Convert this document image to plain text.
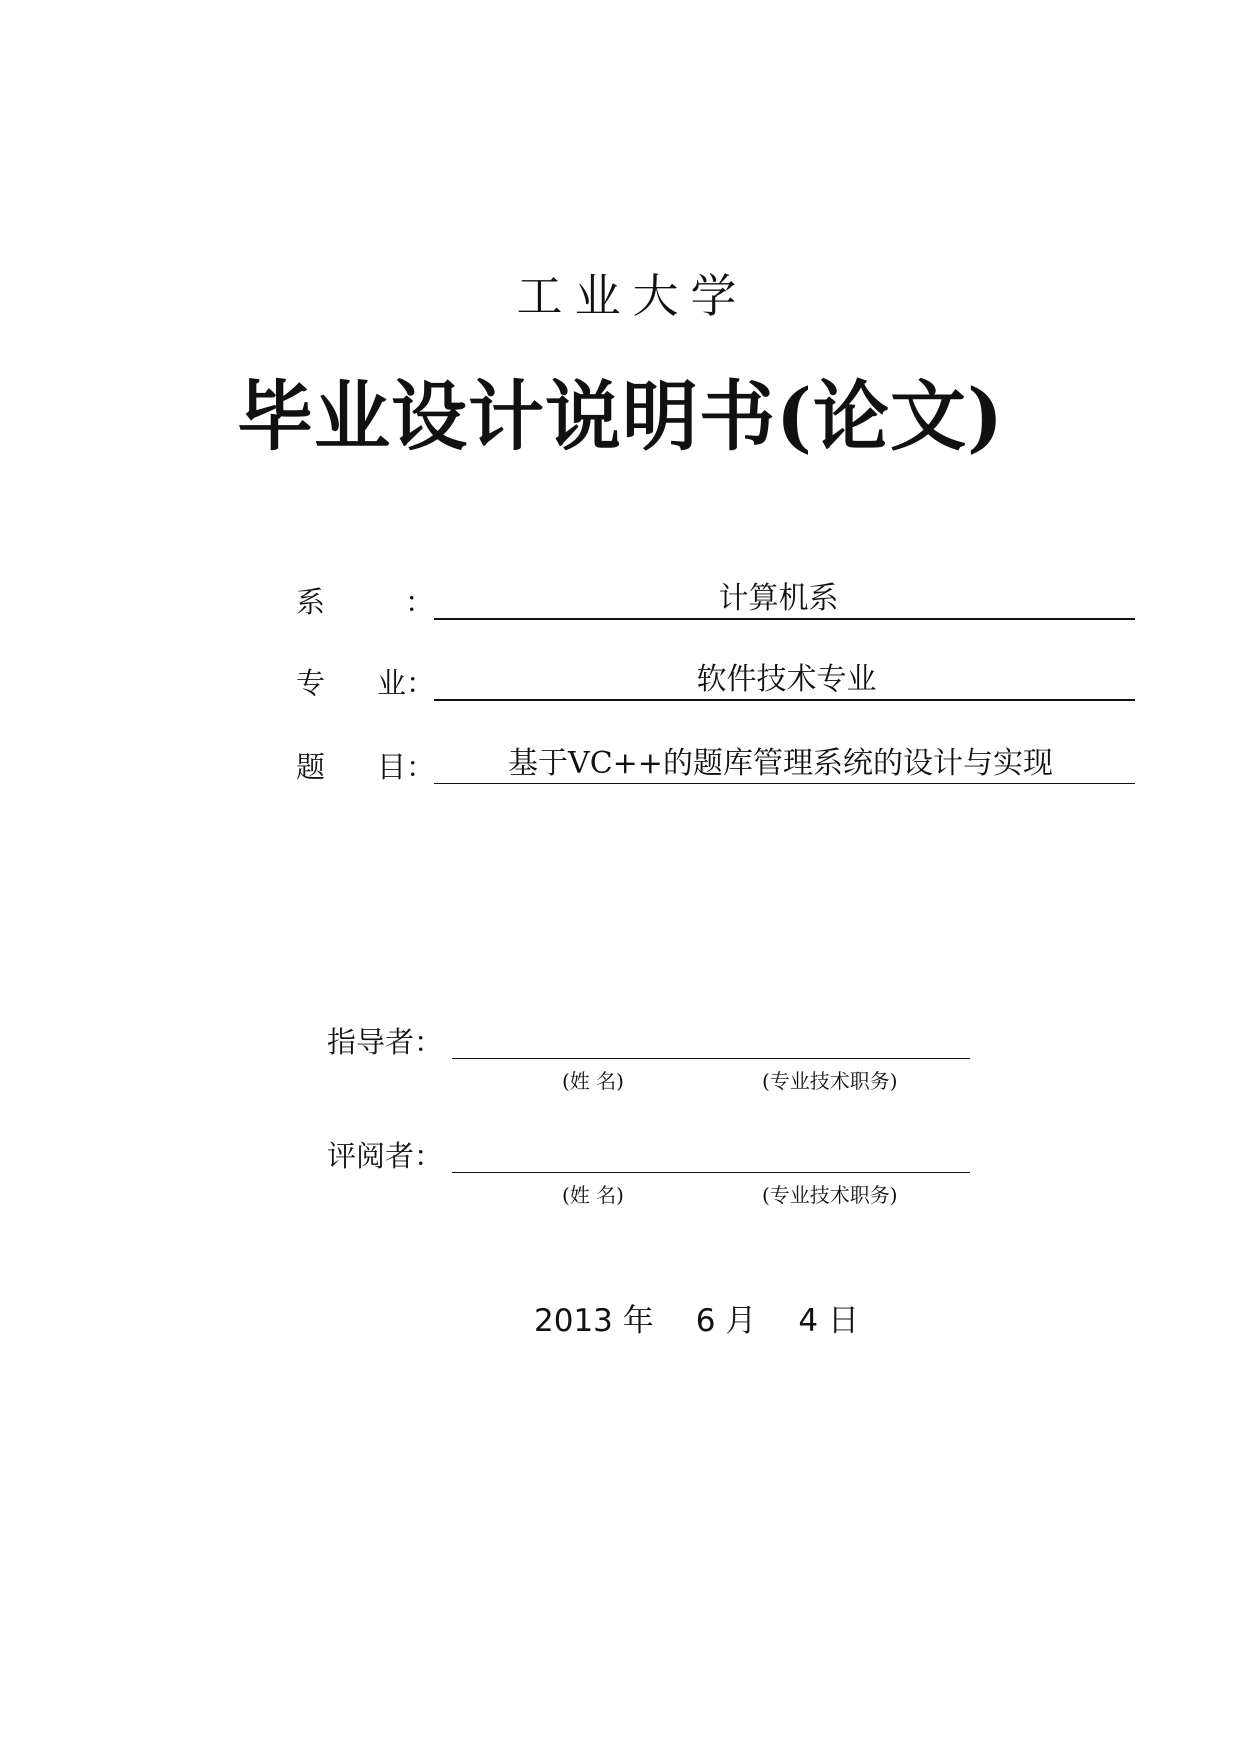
工业大学
毕业设计说明书(论文)
系	：	计算机系
专 业：	软件技术专业
题 目：	基于VC++的题库管理系统的设计与实现
指导者：
(姓 名)	(专业技术职务)
评阅者：
(姓 名)	(专业技术职务)
2013 年 6 月 4 日
